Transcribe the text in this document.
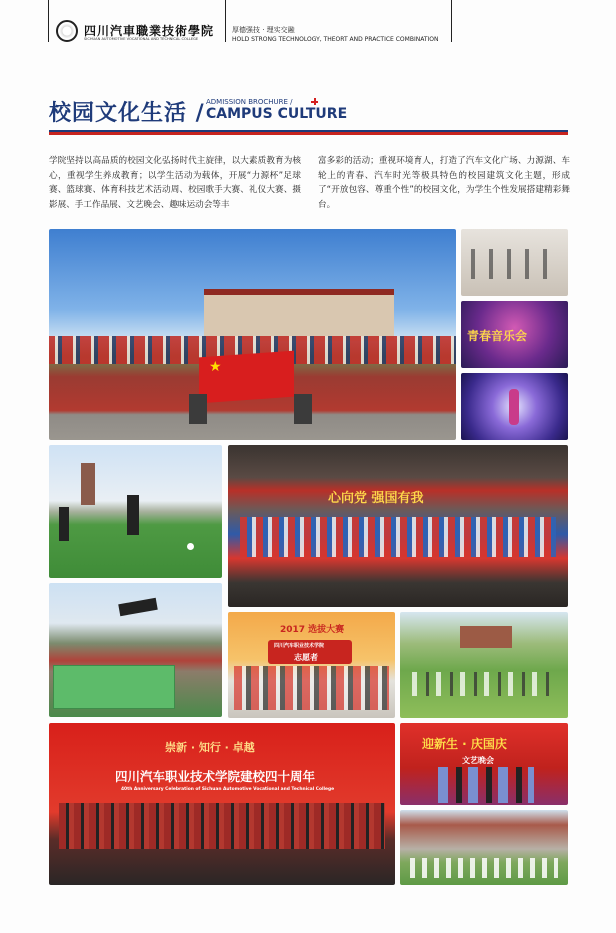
四川汽車職業技術學院
SICHUAN AUTOMOTIVE VOCATIONAL AND TECHNICAL COLLEGE
厚德强技 · 理实交融
HOLD STRONG TECHNOLOGY, THEORT AND PRACTICE COMBINATION
校园文化生活 / ADMISSION BROCHURE /
CAMPUS CULTURE
学院坚持以高品质的校园文化弘扬时代主旋律，以大素质教育为核心，重视学生养成教育；以学生活动为载体，开展“力源杯”足球赛、篮球赛、体育科技艺术活动周、校园歌手大赛、礼仪大赛、摄影展、手工作品展、文艺晚会、趣味运动会等丰
富多彩的活动；重视环境育人，打造了汽车文化广场、力源湖、车轮上的青春、汽车时光等极具特色的校园建筑文化主题，形成了“开放包容、尊重个性”的校园文化，为学生个性发展搭建精彩舞台。
★
青春音乐会
心向党 强国有我
2017 选拔大赛
四川汽车职业技术学院
志愿者
崇新 · 知行 · 卓越
四川汽车职业技术学院建校四十周年
40th Anniversary Celebration of Sichuan Automotive Vocational and Technical College
迎新生 · 庆国庆
文艺晚会
